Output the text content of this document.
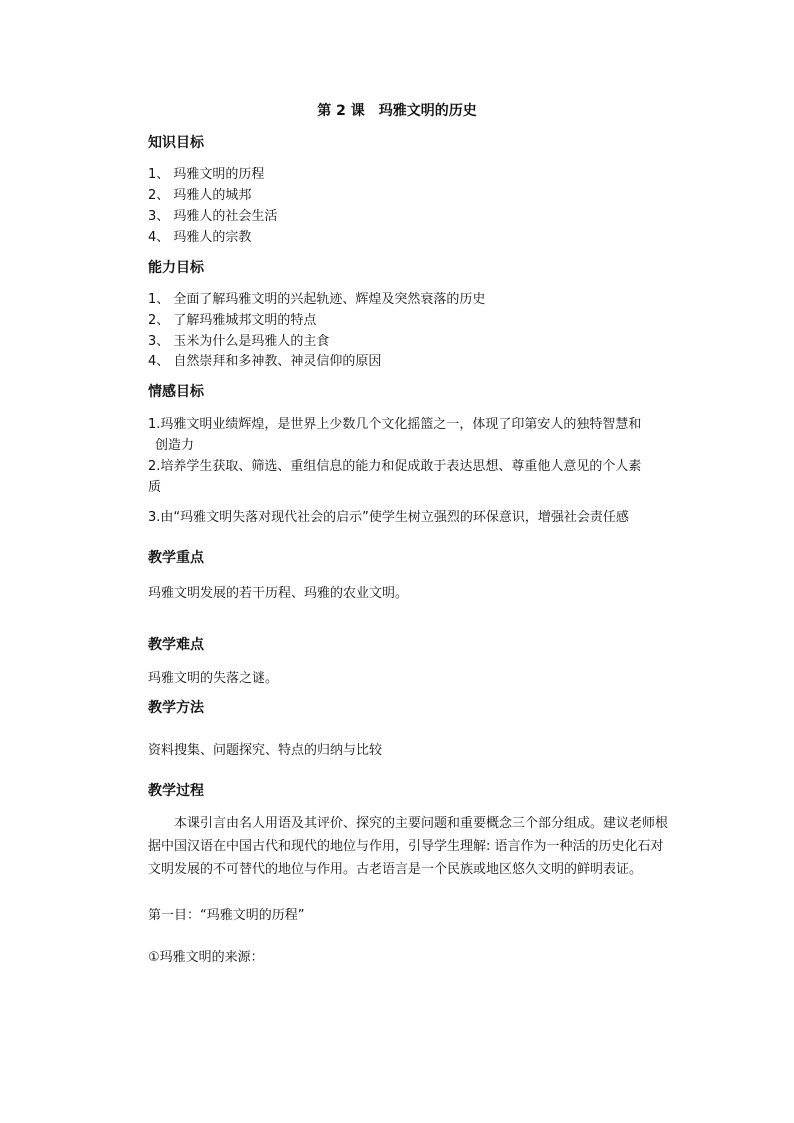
第 2 课　玛雅文明的历史
知识目标
1、 玛雅文明的历程
2、 玛雅人的城邦
3、 玛雅人的社会生活
4、 玛雅人的宗教
能力目标
1、 全面了解玛雅文明的兴起轨迹、辉煌及突然衰落的历史
2、 了解玛雅城邦文明的特点
3、 玉米为什么是玛雅人的主食
4、 自然崇拜和多神教、神灵信仰的原因
情感目标
1.玛雅文明业绩辉煌，是世界上少数几个文化摇篮之一，体现了印第安人的独特智慧和
创造力
2.培养学生获取、筛选、重组信息的能力和促成敢于表达思想、尊重他人意见的个人素
质
3.由“玛雅文明失落对现代社会的启示”使学生树立强烈的环保意识，增强社会责任感
教学重点
玛雅文明发展的若干历程、玛雅的农业文明。
教学难点
玛雅文明的失落之谜。
教学方法
资料搜集、问题探究、特点的归纳与比较
教学过程
本课引言由名人用语及其评价、探究的主要问题和重要概念三个部分组成。建议老师根
据中国汉语在中国古代和现代的地位与作用，引导学生理解: 语言作为一种活的历史化石对
文明发展的不可替代的地位与作用。古老语言是一个民族或地区悠久文明的鲜明表证。
第一目：“玛雅文明的历程”
①玛雅文明的来源：
